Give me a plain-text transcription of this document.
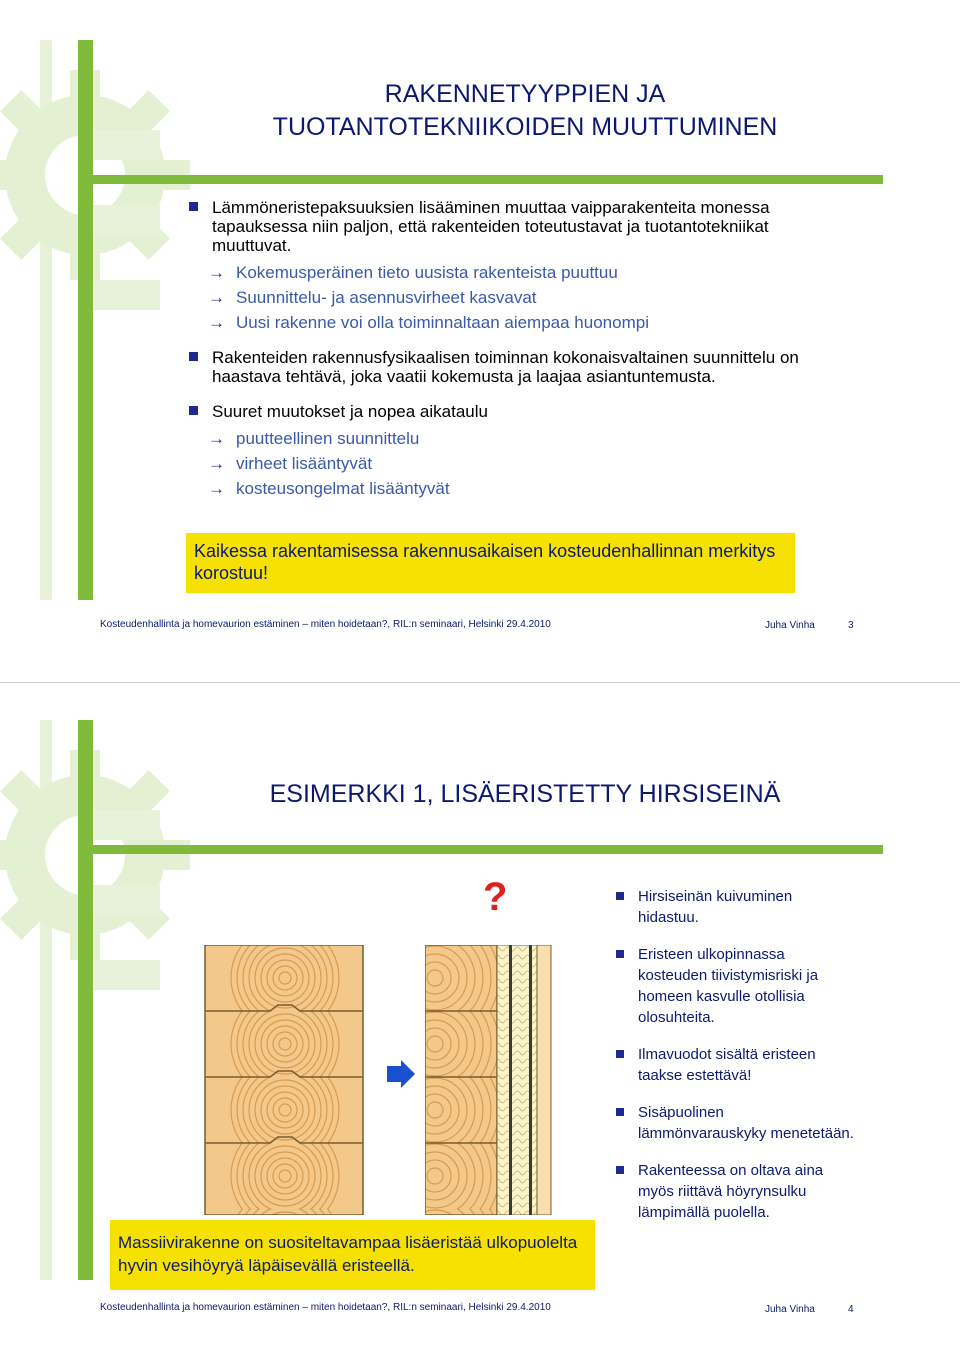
RAKENNETYYPPIEN JA
TUOTANTOTEKNIIKOIDEN MUUTTUMINEN
Lämmöneristepaksuuksien lisääminen muuttaa vaipparakenteita monessa tapauksessa niin paljon, että rakenteiden toteutustavat ja tuotantotekniikat muuttuvat.
→ Kokemusperäinen tieto uusista rakenteista puuttuu
→ Suunnittelu- ja asennusvirheet kasvavat
→ Uusi rakenne voi olla toiminnaltaan aiempaa huonompi
Rakenteiden rakennusfysikaalisen toiminnan kokonaisvaltainen suunnittelu on haastava tehtävä, joka vaatii kokemusta ja laajaa asiantuntemusta.
Suuret muutokset ja nopea aikataulu
→ puutteellinen suunnittelu
→ virheet lisääntyvät
→ kosteusongelmat lisääntyvät
Kaikessa rakentamisessa rakennusaikaisen kosteudenhallinnan merkitys korostuu!
Kosteudenhallinta ja homevaurion estäminen – miten hoidetaan?, RIL:n seminaari, Helsinki 29.4.2010	Juha Vinha	3
ESIMERKKI 1, LISÄERISTETTY HIRSISEINÄ
?	Hirsiseinän kuivuminen hidastuu.
Eristeen ulkopinnassa kosteuden tiivistymisriski ja homeen kasvulle otollisia olosuhteita.
Ilmavuodot sisältä eristeen taakse estettävä!
Sisäpuolinen lämmönvarauskyky menetetään.
Rakenteessa on oltava aina myös riittävä höyrynsulku lämpimällä puolella.
Massiivirakenne on suositeltavampaa lisäeristää ulkopuolelta hyvin vesihöyryä läpäisevällä eristeellä.
Kosteudenhallinta ja homevaurion estäminen – miten hoidetaan?, RIL:n seminaari, Helsinki 29.4.2010	Juha Vinha	4
